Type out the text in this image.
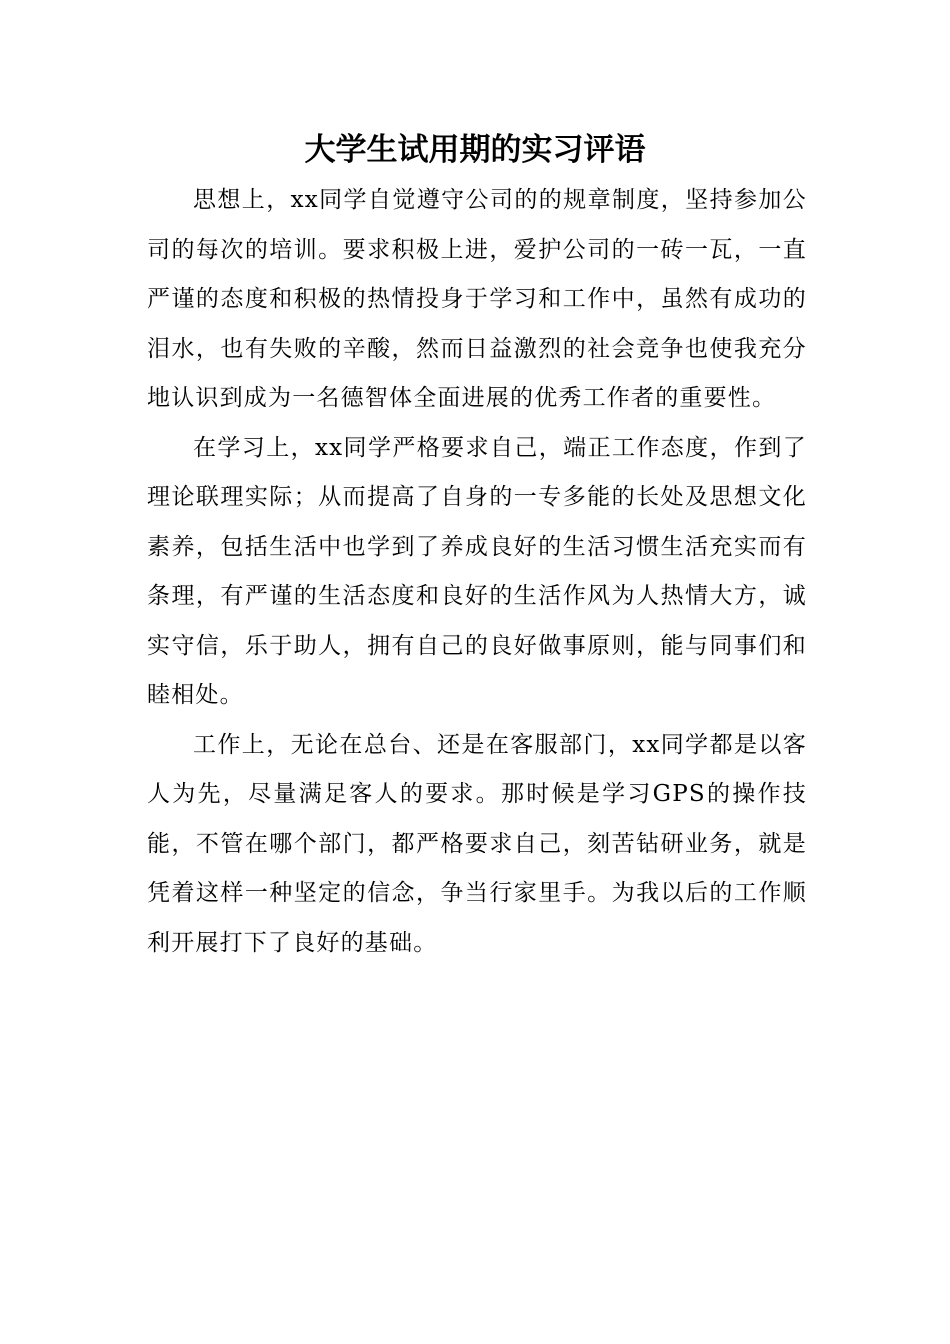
大学生试用期的实习评语

思想上，xx同学自觉遵守公司的的规章制度，坚持参加公司的每次的培训。要求积极上进，爱护公司的一砖一瓦，一直严谨的态度和积极的热情投身于学习和工作中，虽然有成功的泪水，也有失败的辛酸，然而日益激烈的社会竞争也使我充分地认识到成为一名德智体全面进展的优秀工作者的重要性。

在学习上，xx同学严格要求自己，端正工作态度，作到了理论联理实际；从而提高了自身的一专多能的长处及思想文化素养，包括生活中也学到了养成良好的生活习惯生活充实而有条理，有严谨的生活态度和良好的生活作风为人热情大方，诚实守信，乐于助人，拥有自己的良好做事原则，能与同事们和睦相处。

工作上，无论在总台、还是在客服部门，xx同学都是以客人为先，尽量满足客人的要求。那时候是学习GPS的操作技能，不管在哪个部门，都严格要求自己，刻苦钻研业务，就是凭着这样一种坚定的信念，争当行家里手。为我以后的工作顺利开展打下了良好的基础。
